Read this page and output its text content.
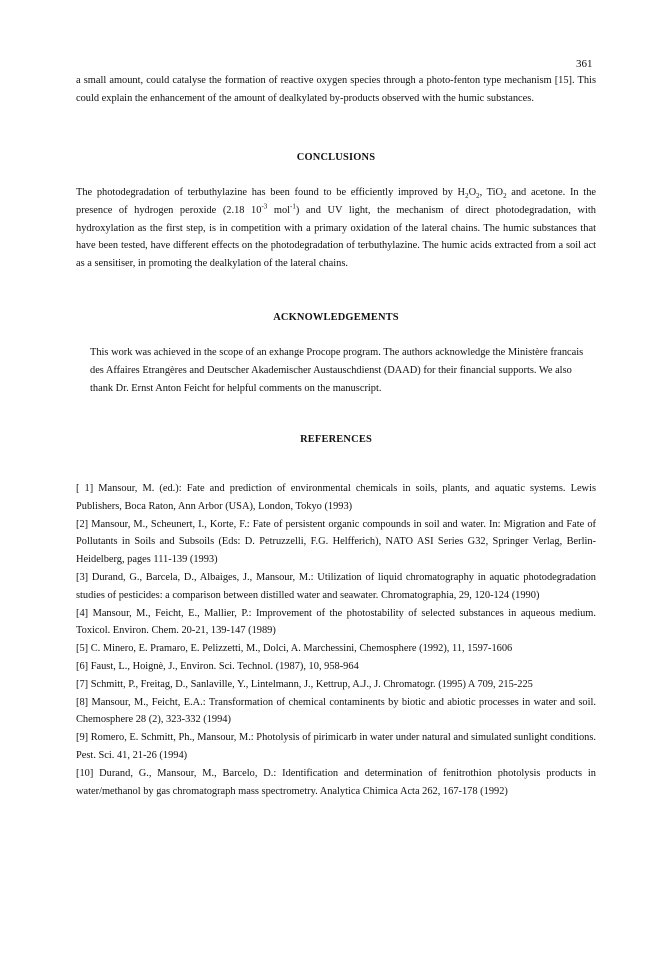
361
a small amount, could catalyse the formation of reactive oxygen species through a photo-fenton type mechanism [15]. This could explain the enhancement of the amount of dealkylated by-products observed with the humic substances.
CONCLUSIONS
The photodegradation of terbuthylazine has been found to be efficiently improved by $H_2O_2$, TiO$_2$ and acetone. In the presence of hydrogen peroxide (2.18 $10^{-3}$ mol$^{-1}$) and UV light, the mechanism of direct photodegradation, with hydroxylation as the first step, is in competition with a primary oxidation of the lateral chains. The humic substances that have been tested, have different effects on the photodegradation of terbuthylazine. The humic acids extracted from a soil act as a sensitiser, in promoting the dealkylation of the lateral chains.
ACKNOWLEDGEMENTS
This work was achieved in the scope of an exhange Procope program. The authors acknowledge the Ministère francais des Affaires Etrangères and Deutscher Akademischer Austauschdienst (DAAD) for their financial supports. We also thank Dr. Ernst Anton Feicht for helpful comments on the manuscript.
REFERENCES

[ 1] Mansour, M. (ed.): Fate and prediction of environmental chemicals in soils, plants, and aquatic systems. Lewis Publishers, Boca Raton, Ann Arbor (USA), London, Tokyo (1993)

[2] Mansour, M., Scheunert, I., Korte, F.: Fate of persistent organic compounds in soil and water. In: Migration and Fate of Pollutants in Soils and Subsoils (Eds: D. Petruzzelli, F.G. Helfferich), NATO ASI Series G32, Springer Verlag, Berlin-Heidelberg, pages 111-139 (1993)

[3] Durand, G., Barcela, D., Albaiges, J., Mansour, M.: Utilization of liquid chromatography in aquatic photodegradation studies of pesticides: a comparison between distilled water and seawater. Chromatographia, 29, 120-124 (1990)

[4] Mansour, M., Feicht, E., Mallier, P.: Improvement of the photostability of selected substances in aqueous medium. Toxicol. Environ. Chem. 20-21, 139-147 (1989)

[5] C. Minero, E. Pramaro, E. Pelizzetti, M., Dolci, A. Marchessini, Chemosphere (1992), 11, 1597-1606

[6] Faust, L., Hoignè, J., Environ. Sci. Technol. (1987), 10, 958-964

[7] Schmitt, P., Freitag, D., Sanlaville, Y., Lintelmann, J., Kettrup, A.J., J. Chromatogr. (1995) A 709, 215-225

[8] Mansour, M., Feicht, E.A.: Transformation of chemical contaminents by biotic and abiotic processes in water and soil. Chemosphere 28 (2), 323-332 (1994)

[9] Romero, E. Schmitt, Ph., Mansour, M.: Photolysis of pirimicarb in water under natural and simulated sunlight conditions. Pest. Sci. 41, 21-26 (1994)

[10] Durand, G., Mansour, M., Barcelo, D.: Identification and determination of fenitrothion photolysis products in water/methanol by gas chromatograph mass spectrometry. Analytica Chimica Acta 262, 167-178 (1992)
